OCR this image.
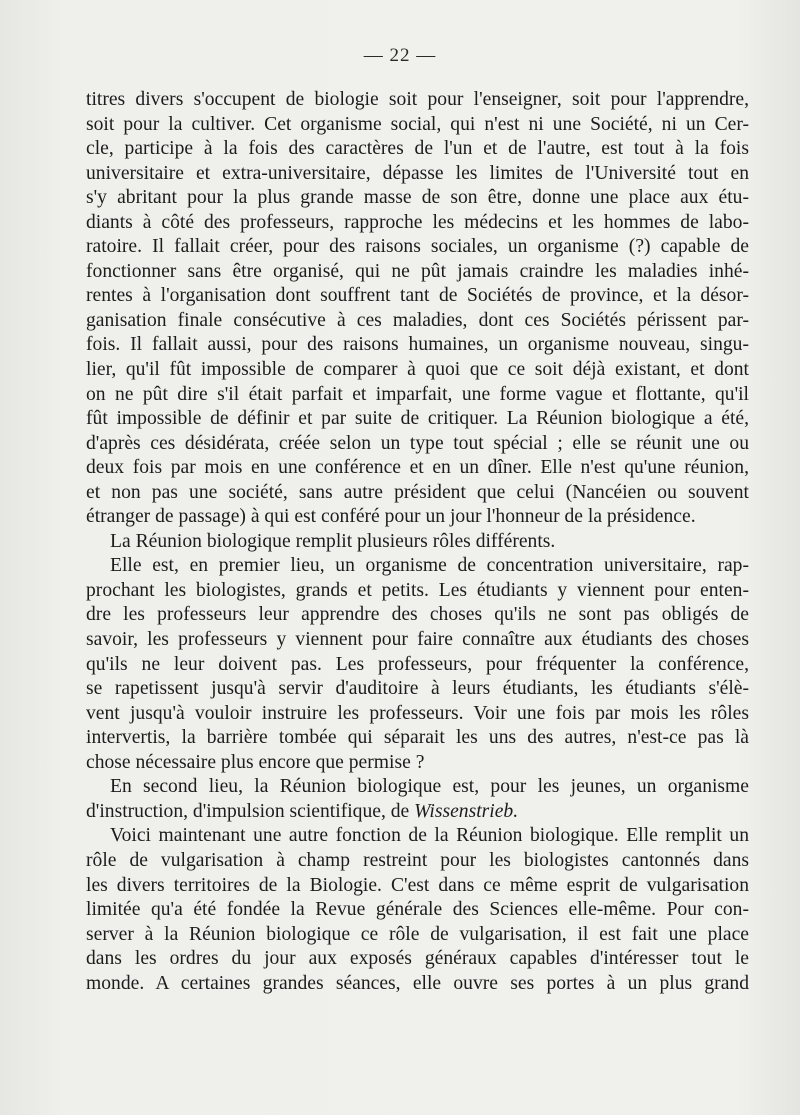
— 22 —
titres divers s'occupent de biologie soit pour l'enseigner, soit pour l'apprendre,
soit pour la cultiver. Cet organisme social, qui n'est ni une Société, ni un Cer-
cle, participe à la fois des caractères de l'un et de l'autre, est tout à la fois
universitaire et extra-universitaire, dépasse les limites de l'Université tout en
s'y abritant pour la plus grande masse de son être, donne une place aux étu-
diants à côté des professeurs, rapproche les médecins et les hommes de labo-
ratoire. Il fallait créer, pour des raisons sociales, un organisme (?) capable de
fonctionner sans être organisé, qui ne pût jamais craindre les maladies inhé-
rentes à l'organisation dont souffrent tant de Sociétés de province, et la désor-
ganisation finale consécutive à ces maladies, dont ces Sociétés périssent par-
fois. Il fallait aussi, pour des raisons humaines, un organisme nouveau, singu-
lier, qu'il fût impossible de comparer à quoi que ce soit déjà existant, et dont
on ne pût dire s'il était parfait et imparfait, une forme vague et flottante, qu'il
fût impossible de définir et par suite de critiquer. La Réunion biologique a été,
d'après ces désidérata, créée selon un type tout spécial ; elle se réunit une ou
deux fois par mois en une conférence et en un dîner. Elle n'est qu'une réunion,
et non pas une société, sans autre président que celui (Nancéien ou souvent
étranger de passage) à qui est conféré pour un jour l'honneur de la présidence.
La Réunion biologique remplit plusieurs rôles différents.
Elle est, en premier lieu, un organisme de concentration universitaire, rap-
prochant les biologistes, grands et petits. Les étudiants y viennent pour enten-
dre les professeurs leur apprendre des choses qu'ils ne sont pas obligés de
savoir, les professeurs y viennent pour faire connaître aux étudiants des choses
qu'ils ne leur doivent pas. Les professeurs, pour fréquenter la conférence,
se rapetissent jusqu'à servir d'auditoire à leurs étudiants, les étudiants s'élè-
vent jusqu'à vouloir instruire les professeurs. Voir une fois par mois les rôles
intervertis, la barrière tombée qui séparait les uns des autres, n'est-ce pas là
chose nécessaire plus encore que permise ?
En second lieu, la Réunion biologique est, pour les jeunes, un organisme
d'instruction, d'impulsion scientifique, de Wissenstrieb.
Voici maintenant une autre fonction de la Réunion biologique. Elle remplit un
rôle de vulgarisation à champ restreint pour les biologistes cantonnés dans
les divers territoires de la Biologie. C'est dans ce même esprit de vulgarisation
limitée qu'a été fondée la Revue générale des Sciences elle-même. Pour con-
server à la Réunion biologique ce rôle de vulgarisation, il est fait une place
dans les ordres du jour aux exposés généraux capables d'intéresser tout le
monde. A certaines grandes séances, elle ouvre ses portes à un plus grand
